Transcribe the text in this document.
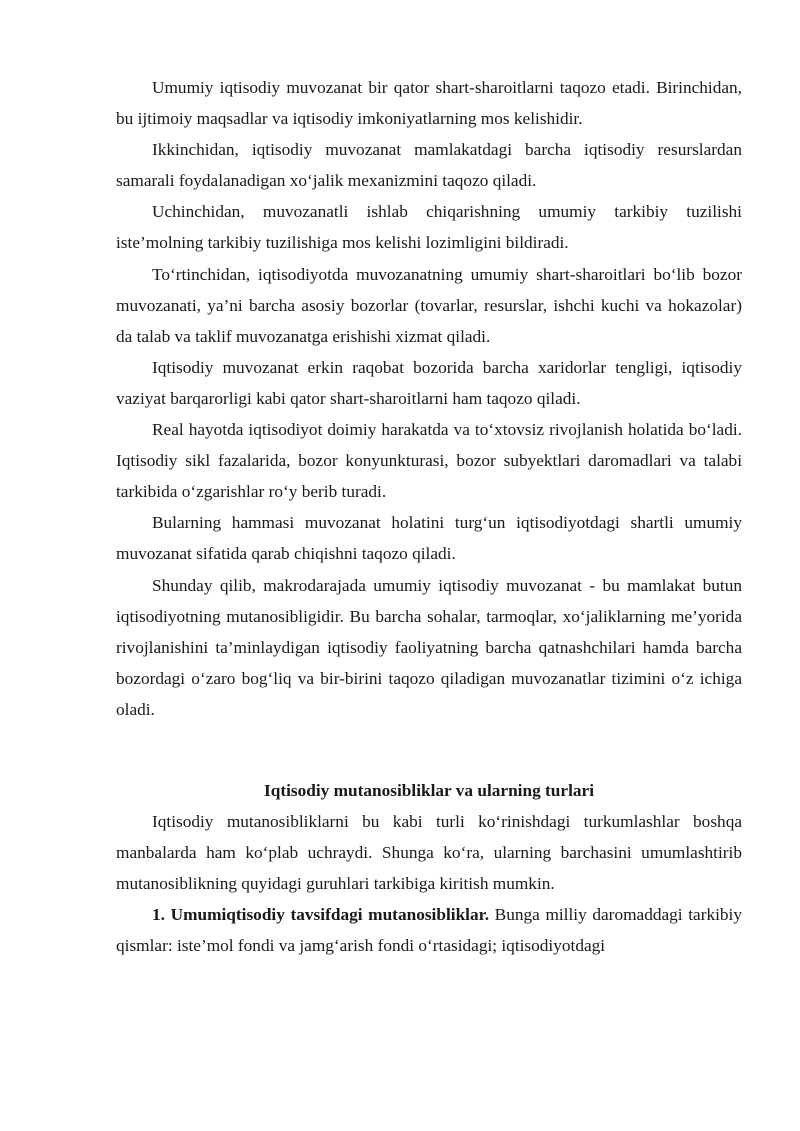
Umumiy iqtisodiy muvozanat bir qator shart-sharoitlarni taqozo etadi. Birinchidan, bu ijtimoiy maqsadlar va iqtisodiy imkoniyatlarning mos kelishidir.

Ikkinchidan, iqtisodiy muvozanat mamlakatdagi barcha iqtisodiy resurslardan samarali foydalanadigan xo‘jalik mexanizmini taqozo qiladi.

Uchinchidan, muvozanatli ishlab chiqarishning umumiy tarkibiy tuzilishi iste’molning tarkibiy tuzilishiga mos kelishi lozimligini bildiradi.

To‘rtinchidan, iqtisodiyotda muvozanatning umumiy shart-sharoitlari bo‘lib bozor muvozanati, ya’ni barcha asosiy bozorlar (tovarlar, resurslar, ishchi kuchi va hokazolar) da talab va taklif muvozanatga erishishi xizmat qiladi.

Iqtisodiy muvozanat erkin raqobat bozorida barcha xaridorlar tengligi, iqtisodiy vaziyat barqarorligi kabi qator shart-sharoitlarni ham taqozo qiladi.

Real hayotda iqtisodiyot doimiy harakatda va to‘xtovsiz rivojlanish holatida bo‘ladi. Iqtisodiy sikl fazalarida, bozor konyunkturasi, bozor subyektlari daromadlari va talabi tarkibida o‘zgarishlar ro‘y berib turadi.

Bularning hammasi muvozanat holatini turg‘un iqtisodiyotdagi shartli umumiy muvozanat sifatida qarab chiqishni taqozo qiladi.

Shunday qilib, makrodarajada umumiy iqtisodiy muvozanat - bu mamlakat butun iqtisodiyotning mutanosibligidir. Bu barcha sohalar, tarmoqlar, xo‘jaliklarning me’yorida rivojlanishini ta’minlaydigan iqtisodiy faoliyatning barcha qatnashchilari hamda barcha bozordagi o‘zaro bog‘liq va bir-birini taqozo qiladigan muvozanatlar tizimini o‘z ichiga oladi.

Iqtisodiy mutanosibliklar va ularning turlari

Iqtisodiy mutanosibliklarni bu kabi turli ko‘rinishdagi turkumlashlar boshqa manbalarda ham ko‘plab uchraydi. Shunga ko‘ra, ularning barchasini umumlashtirib mutanosiblikning quyidagi guruhlari tarkibiga kiritish mumkin.

1. Umumiqtisodiy tavsifdagi mutanosibliklar. Bunga milliy daromaddagi tarkibiy qismlar: iste’mol fondi va jamg‘arish fondi o‘rtasidagi; iqtisodiyotdagi
